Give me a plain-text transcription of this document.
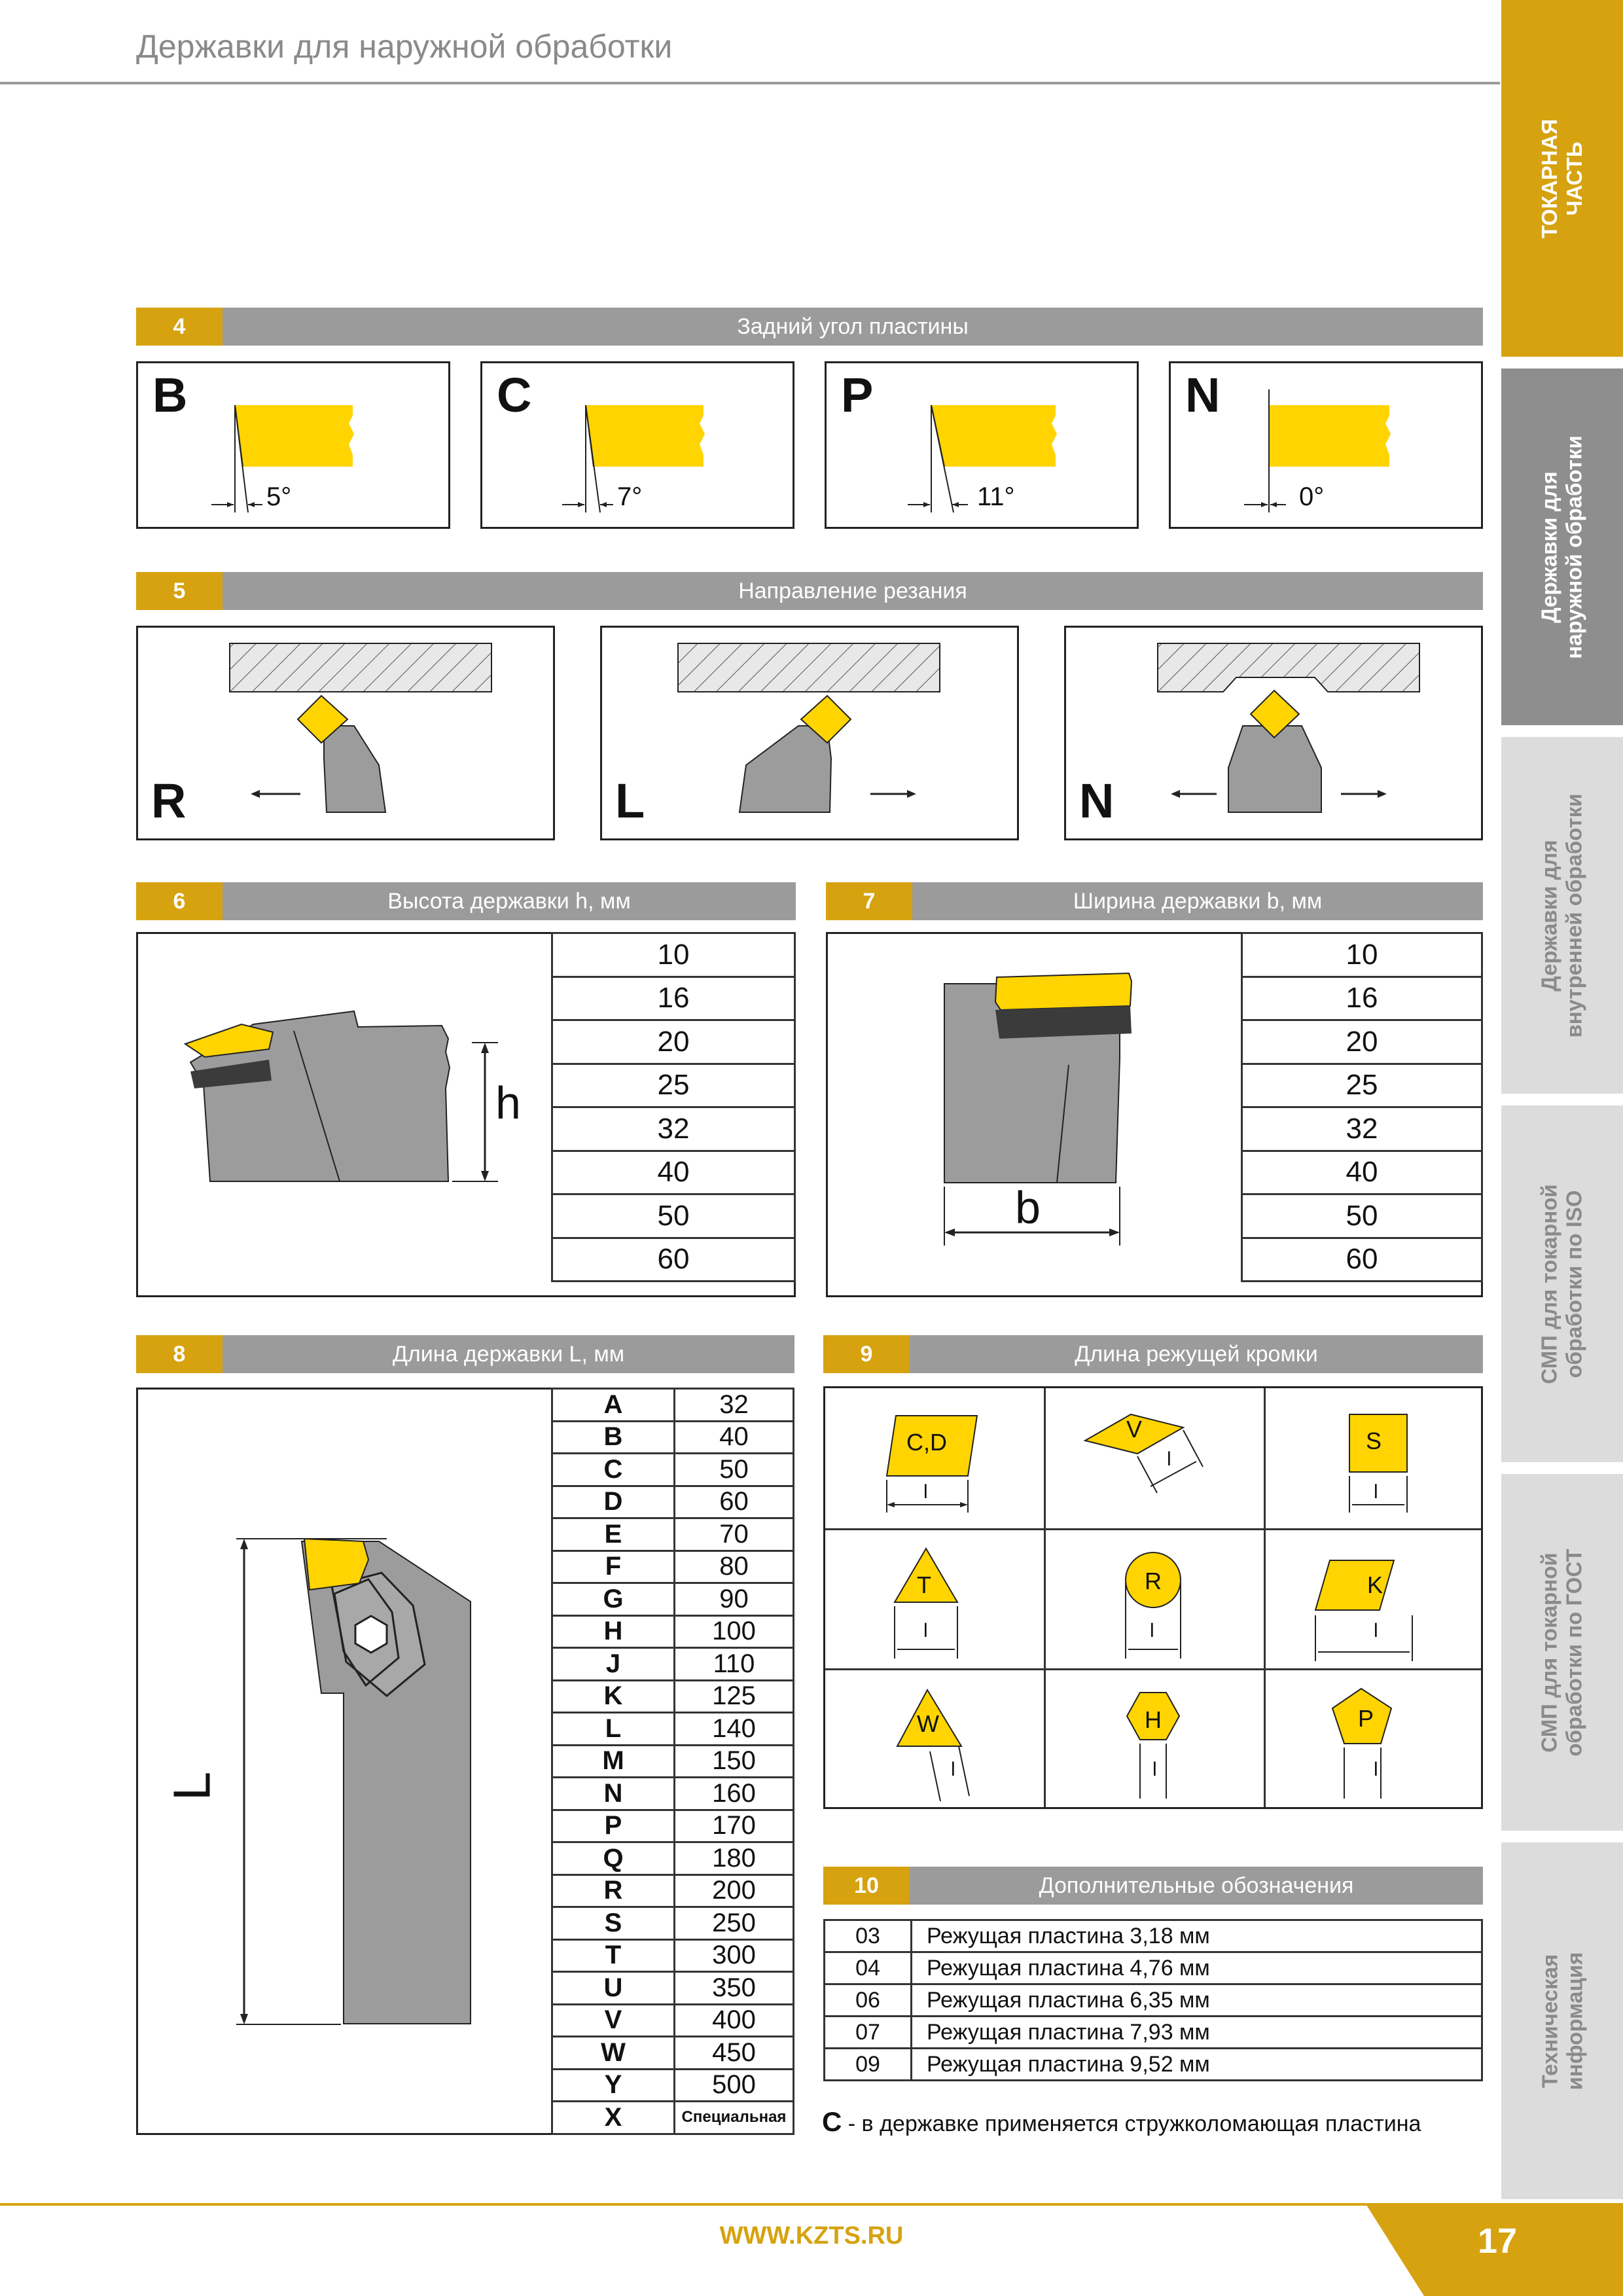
Державки для наружной обработки
ТОКАРНАЯ
ЧАСТЬ
Державки для
наружной обработки
Державки для
внутренней обработки
СМП для токарной
обработки по ISO
СМП для токарной
обработки по ГОСТ
Техническая
информация
4	Задний угол пластины
B
5°
C
7°
P
11°
N
0°
5	Направление резания
R	L	N
6	Высота державки h, мм
h
10
16
20
25
32
40
50
60
7	Ширина державки b, мм
b
10
16
20
25
32
40
50
60
8	Длина державки L, мм
L
A	32
B	40
C	50
D	60
E	70
F	80
G	90
H	100
J	110
K	125
L	140
M	150
N	160
P	170
Q	180
R	200
S	250
T	300
U	350
V	400
W	450
Y	500
X	Специальная
9	Длина режущей кромки
C,D
l
V
l
S
l
T
l
R
l
K
l
W
l
H
l
P
l
10	Дополнительные обозначения
03	Режущая пластина 3,18 мм
04	Режущая пластина 4,76 мм
06	Режущая пластина 6,35 мм
07	Режущая пластина 7,93 мм
09	Режущая пластина 9,52 мм
C - в державке применяется стружколомающая пластина
WWW.KZTS.RU	17
